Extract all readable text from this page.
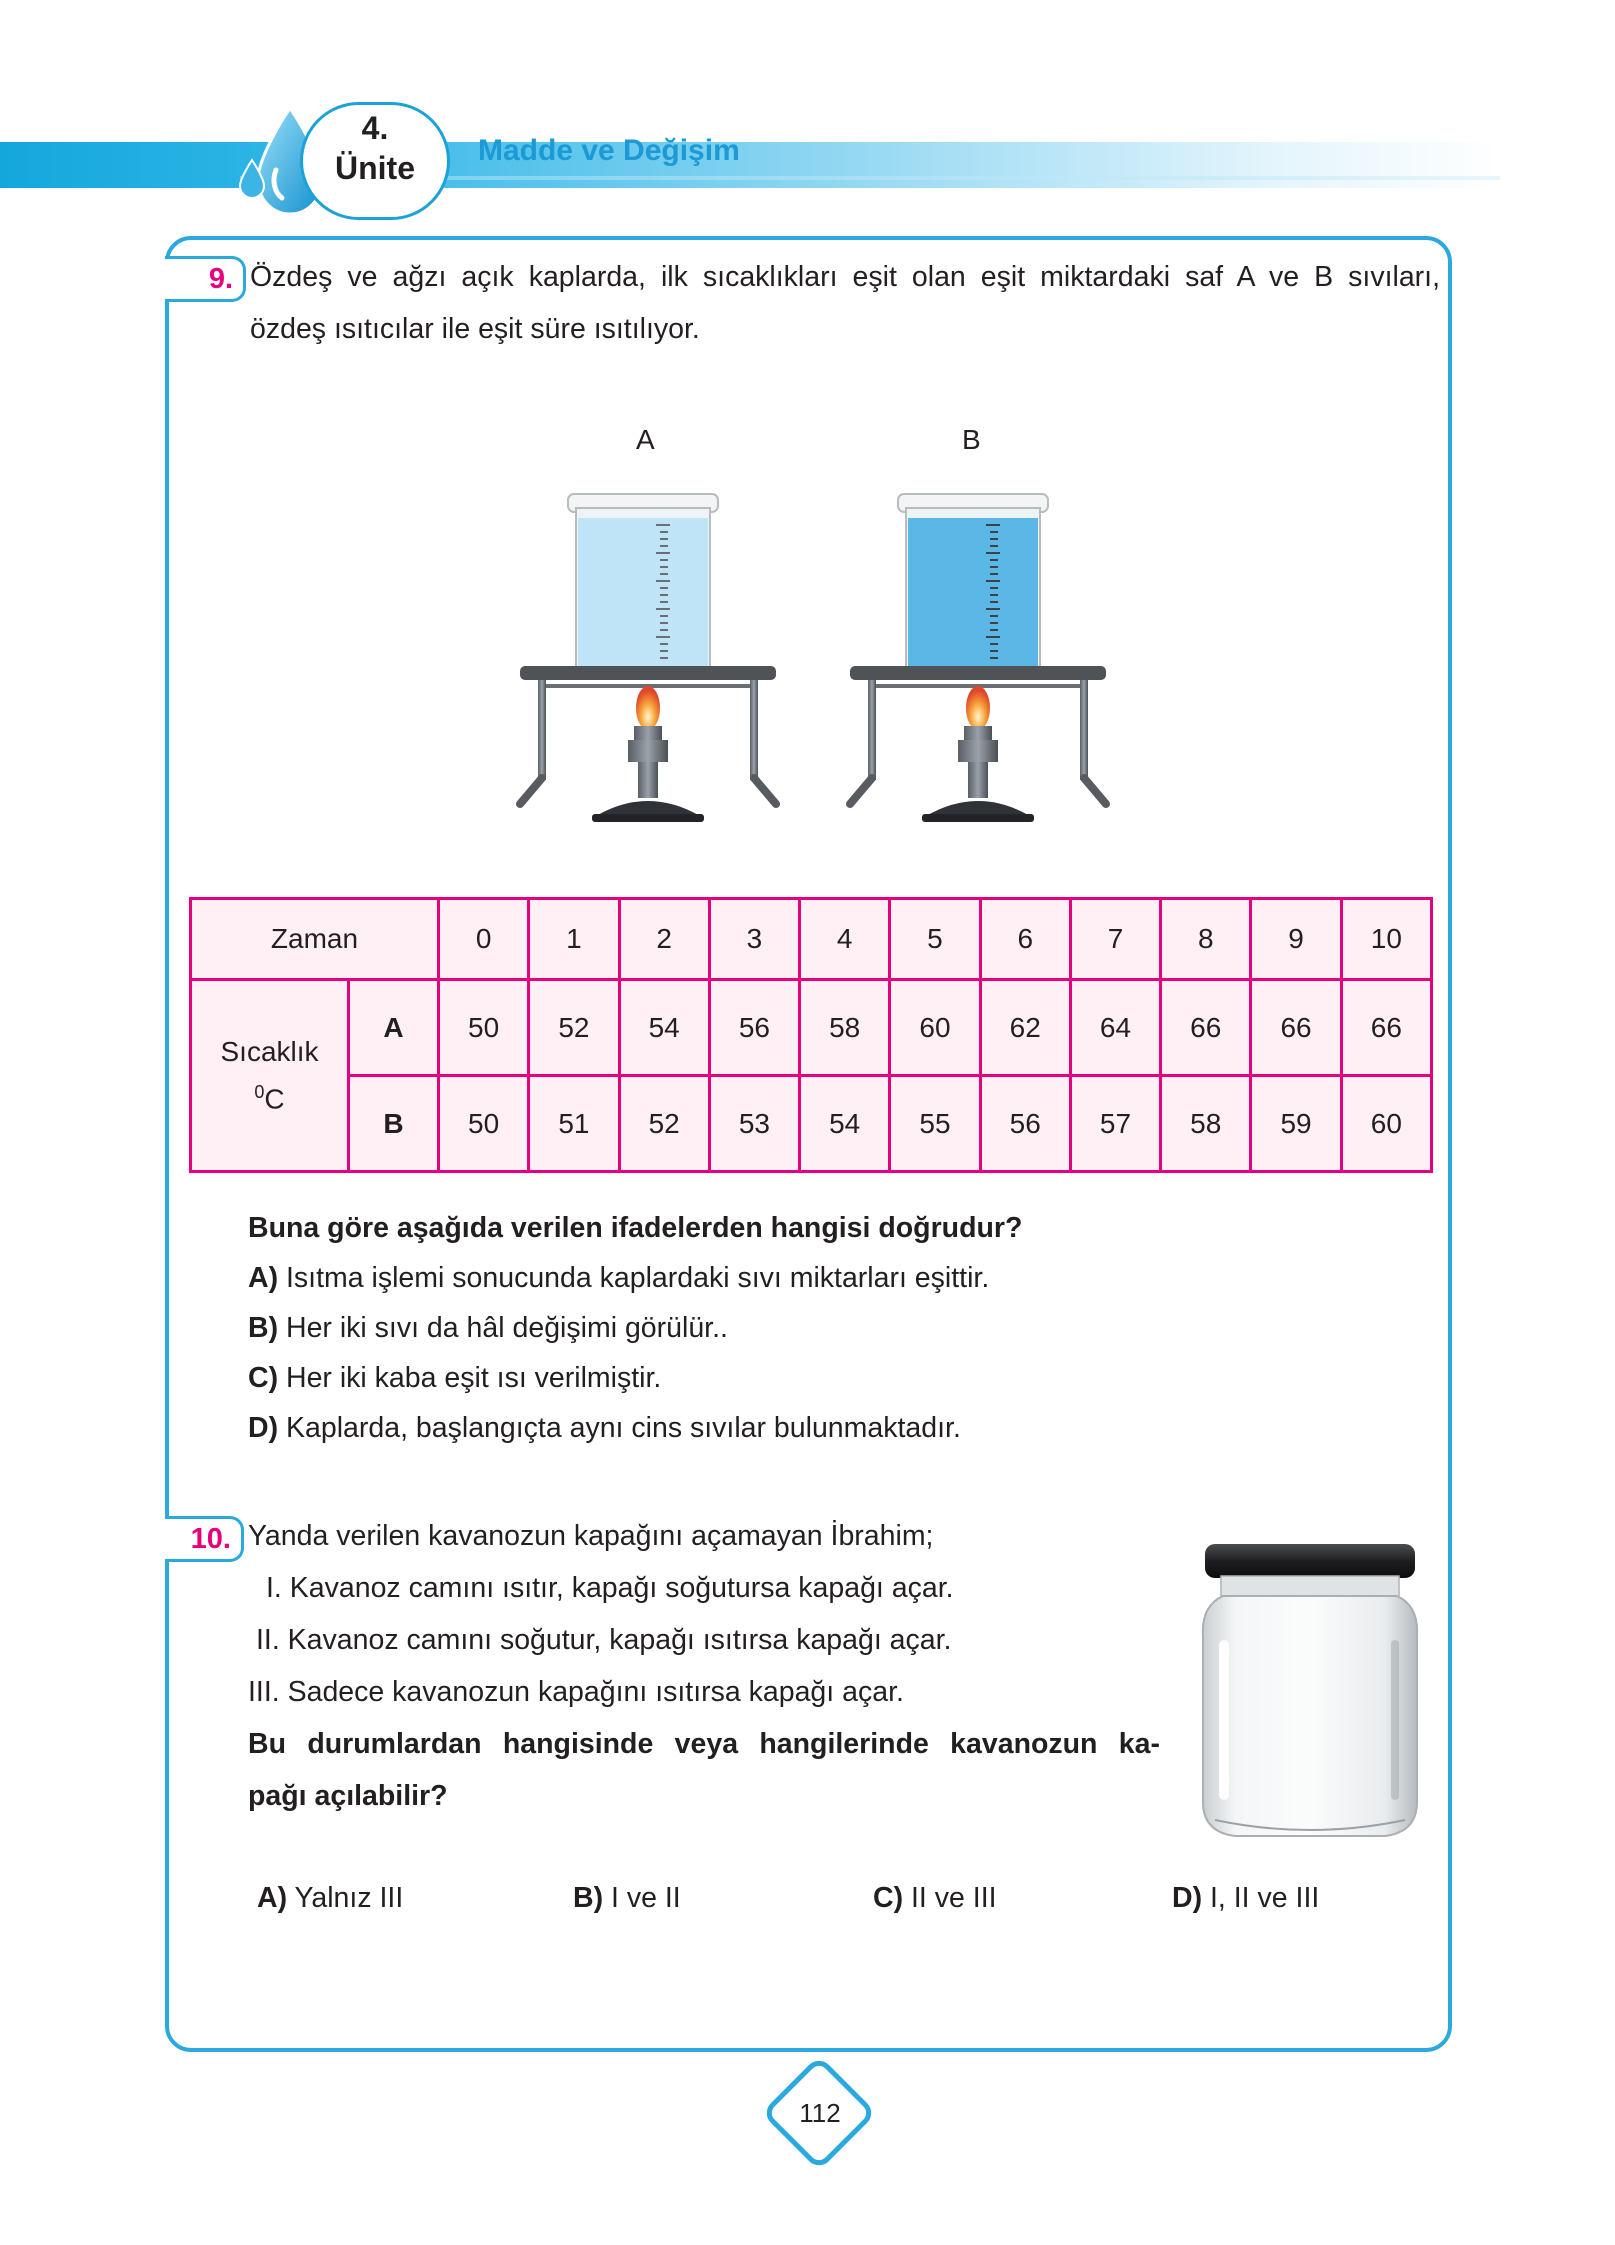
4.
Ünite	Madde ve Değişim
9. Özdeş ve ağzı açık kaplarda, ilk sıcaklıkları eşit olan eşit miktardaki saf A ve B sıvıları,
özdeş ısıtıcılar ile eşit süre ısıtılıyor.
A	B
Zaman		0	1	2	3	4	5	6	7	8	9	10

Sıcaklık
$^0$C	A	50	52	54	56	58	60	62	64	66	66	66
	B	50	51	52	53	54	55	56	57	58	59	60
Buna göre aşağıda verilen ifadelerden hangisi doğrudur?
A) Isıtma işlemi sonucunda kaplardaki sıvı miktarları eşittir.
B) Her iki sıvı da hâl değişimi görülür..
C) Her iki kaba eşit ısı verilmiştir.
D) Kaplarda, başlangıçta aynı cins sıvılar bulunmaktadır.
10. Yanda verilen kavanozun kapağını açamayan İbrahim;
I. Kavanoz camını ısıtır, kapağı soğutursa kapağı açar.
II. Kavanoz camını soğutur, kapağı ısıtırsa kapağı açar.
III. Sadece kavanozun kapağını ısıtırsa kapağı açar.
Bu durumlardan hangisinde veya hangilerinde kavanozun ka-
pağı açılabilir?
A) Yalnız III	B) I ve II	C) II ve III	D) I, II ve III
112
